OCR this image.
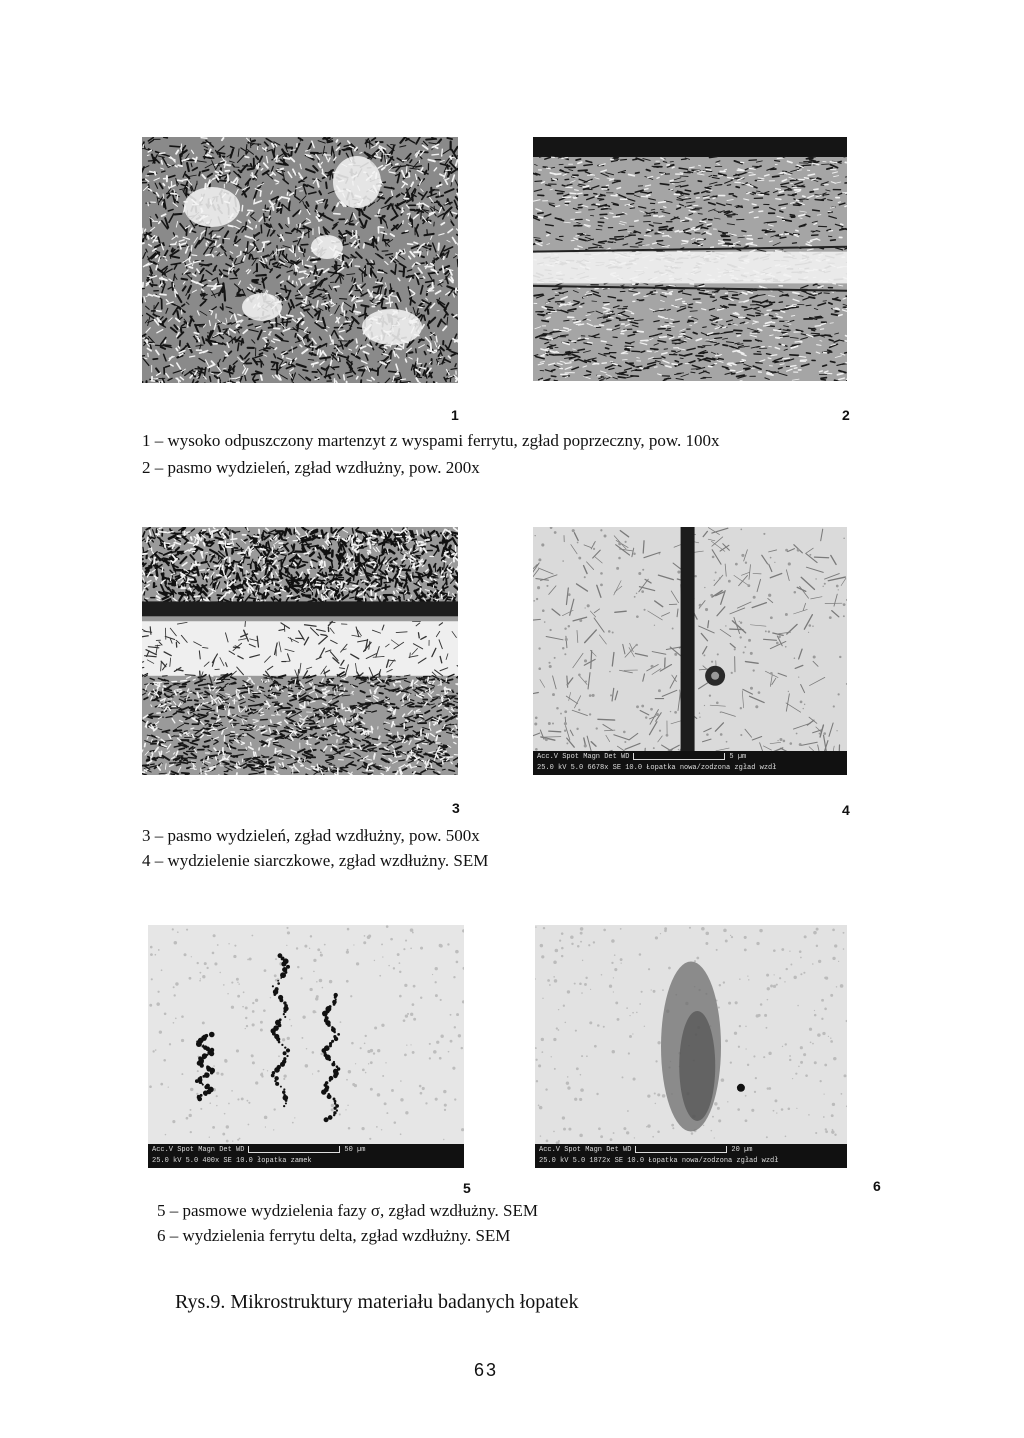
1	2
1 – wysoko odpuszczony martenzyt z wyspami ferrytu, zgład poprzeczny, pow. 100x
2 – pasmo wydzieleń, zgład wzdłużny, pow. 200x
Acc.V Spot Magn Det WD	5 µm
25.0 kV 5.0 6678x SE 10.0 Łopatka nowa/zodzona zgład wzdł
3	4
3 – pasmo wydzieleń, zgład wzdłużny, pow. 500x
4 – wydzielenie siarczkowe, zgład wzdłużny. SEM
Acc.V Spot Magn Det WD	50 µm
25.0 kV 5.0 400x SE 10.0 łopatka zamek
Acc.V Spot Magn Det WD	20 µm
25.0 kV 5.0 1872x SE 10.0 Łopatka nowa/zodzona zgład wzdł
5	6
5 – pasmowe wydzielenia fazy σ, zgład wzdłużny. SEM
6 – wydzielenia ferrytu delta, zgład wzdłużny. SEM
Rys.9. Mikrostruktury materiału badanych łopatek
63
